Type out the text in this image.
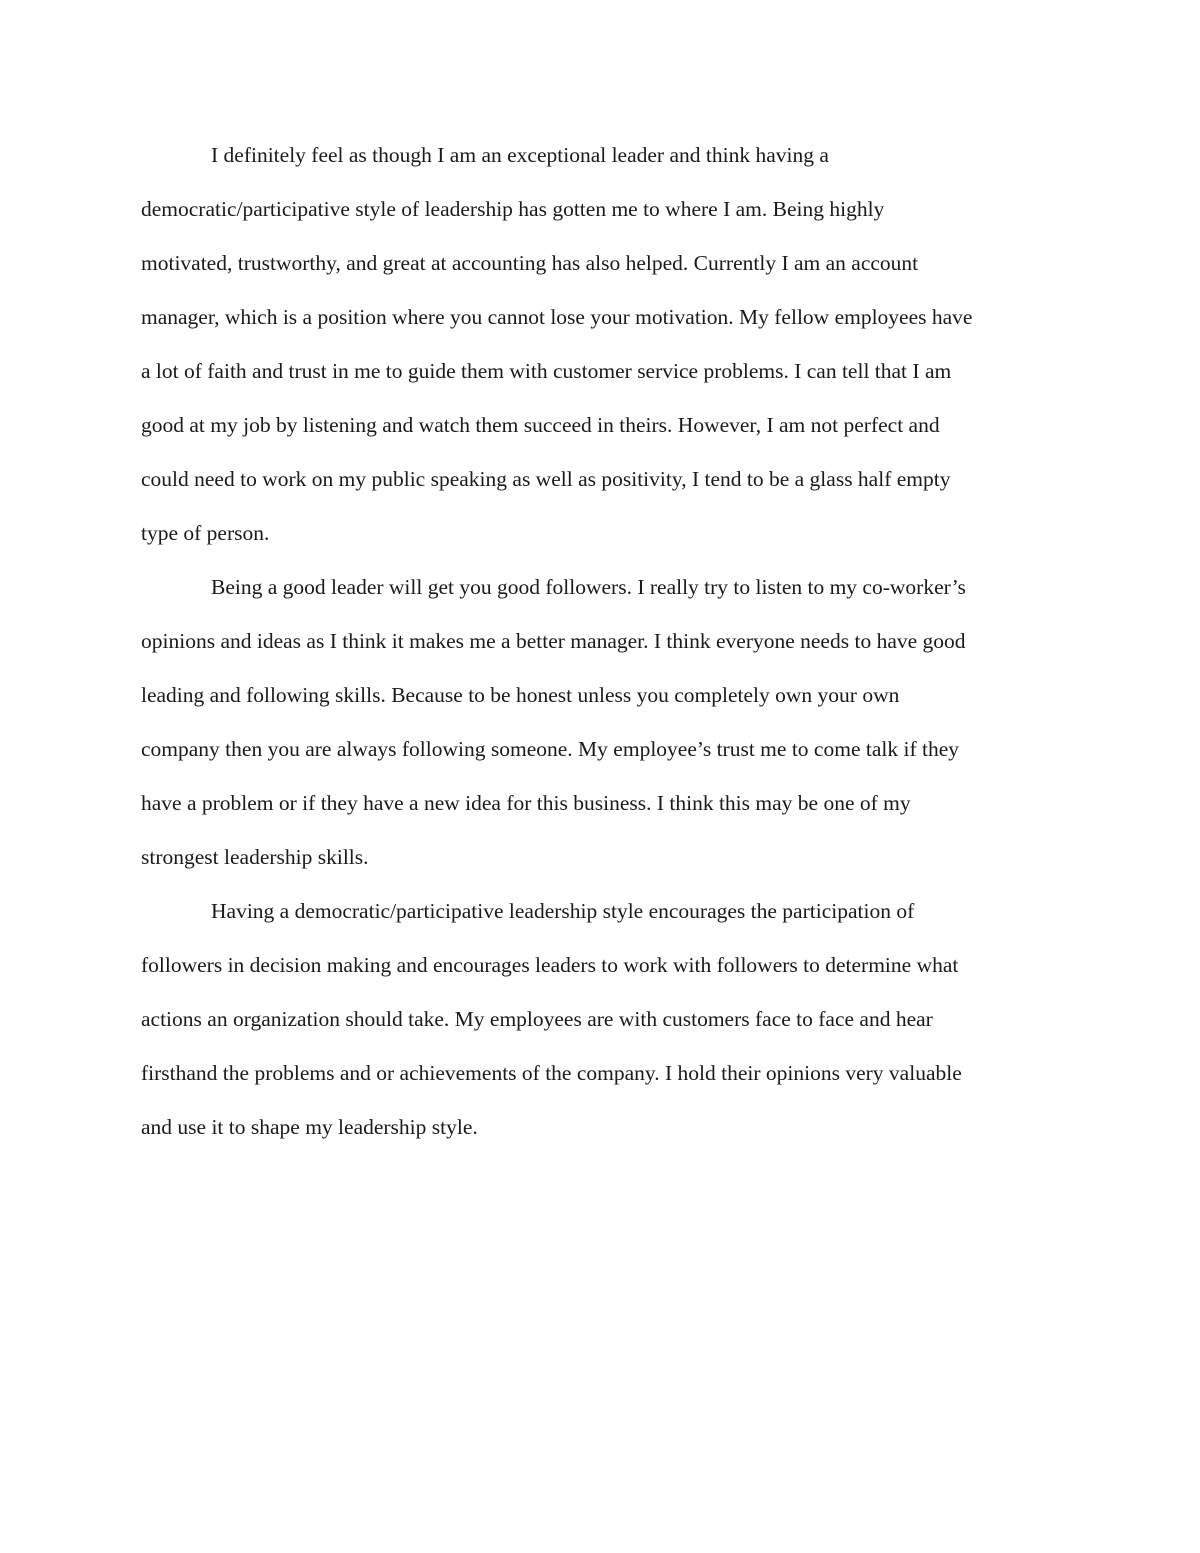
I definitely feel as though I am an exceptional leader and think having a
democratic/participative style of leadership has gotten me to where I am. Being highly
motivated, trustworthy, and great at accounting has also helped. Currently I am an account
manager, which is a position where you cannot lose your motivation. My fellow employees have
a lot of faith and trust in me to guide them with customer service problems. I can tell that I am
good at my job by listening and watch them succeed in theirs. However, I am not perfect and
could need to work on my public speaking as well as positivity, I tend to be a glass half empty
type of person.

Being a good leader will get you good followers. I really try to listen to my co-worker’s
opinions and ideas as I think it makes me a better manager. I think everyone needs to have good
leading and following skills. Because to be honest unless you completely own your own
company then you are always following someone. My employee’s trust me to come talk if they
have a problem or if they have a new idea for this business. I think this may be one of my
strongest leadership skills.

Having a democratic/participative leadership style encourages the participation of
followers in decision making and encourages leaders to work with followers to determine what
actions an organization should take. My employees are with customers face to face and hear
firsthand the problems and or achievements of the company. I hold their opinions very valuable
and use it to shape my leadership style.
